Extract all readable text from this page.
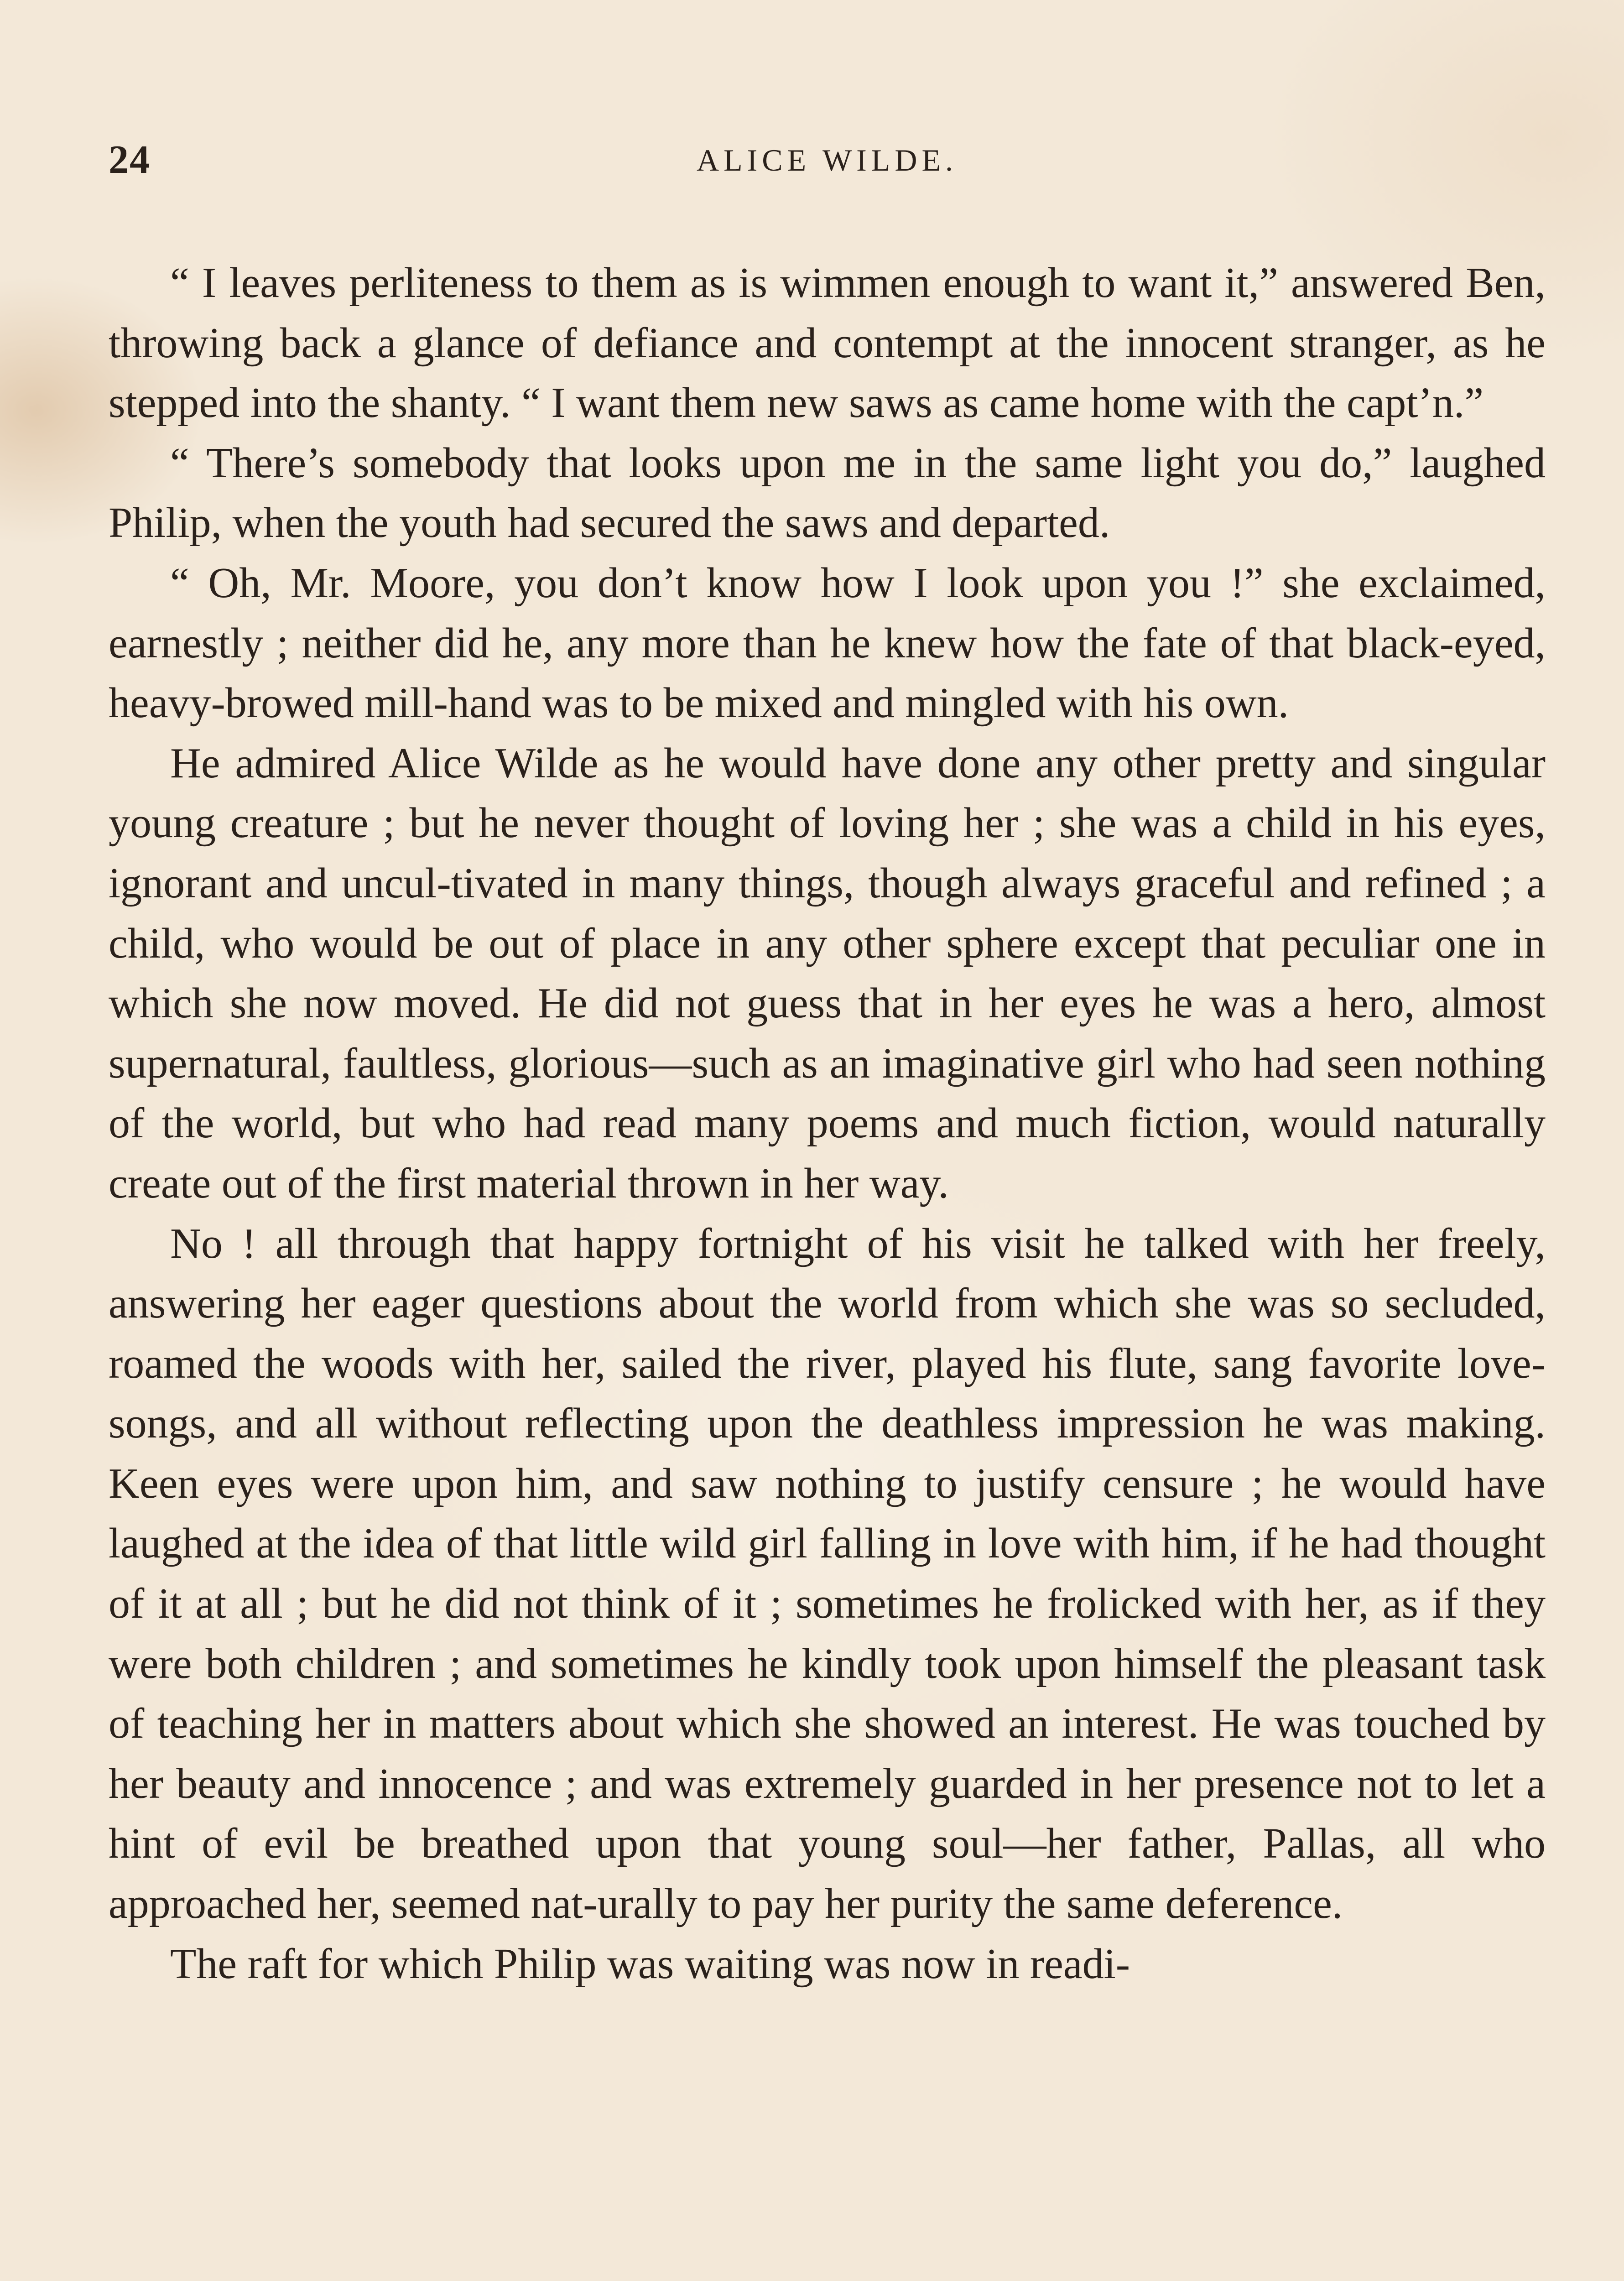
24	ALICE WILDE.

“ I leaves perliteness to them as is wimmen enough to want it,” answered Ben, throwing back a glance of defiance and contempt at the innocent stranger, as he stepped into the shanty. “ I want them new saws as came home with the capt’n.”

“ There’s somebody that looks upon me in the same light you do,” laughed Philip, when the youth had secured the saws and departed.

“ Oh, Mr. Moore, you don’t know how I look upon you !” she exclaimed, earnestly ; neither did he, any more than he knew how the fate of that black-eyed, heavy-browed mill-hand was to be mixed and mingled with his own.

He admired Alice Wilde as he would have done any other pretty and singular young creature ; but he never thought of loving her ; she was a child in his eyes, ignorant and uncul-tivated in many things, though always graceful and refined ; a child, who would be out of place in any other sphere except that peculiar one in which she now moved. He did not guess that in her eyes he was a hero, almost supernatural, faultless, glorious—such as an imaginative girl who had seen nothing of the world, but who had read many poems and much fiction, would naturally create out of the first material thrown in her way.

No ! all through that happy fortnight of his visit he talked with her freely, answering her eager questions about the world from which she was so secluded, roamed the woods with her, sailed the river, played his flute, sang favorite love-songs, and all without reflecting upon the deathless impression he was making. Keen eyes were upon him, and saw nothing to justify censure ; he would have laughed at the idea of that little wild girl falling in love with him, if he had thought of it at all ; but he did not think of it ; sometimes he frolicked with her, as if they were both children ; and sometimes he kindly took upon himself the pleasant task of teaching her in matters about which she showed an interest. He was touched by her beauty and innocence ; and was extremely guarded in her presence not to let a hint of evil be breathed upon that young soul—her father, Pallas, all who approached her, seemed nat-urally to pay her purity the same deference.

The raft for which Philip was waiting was now in readi-
